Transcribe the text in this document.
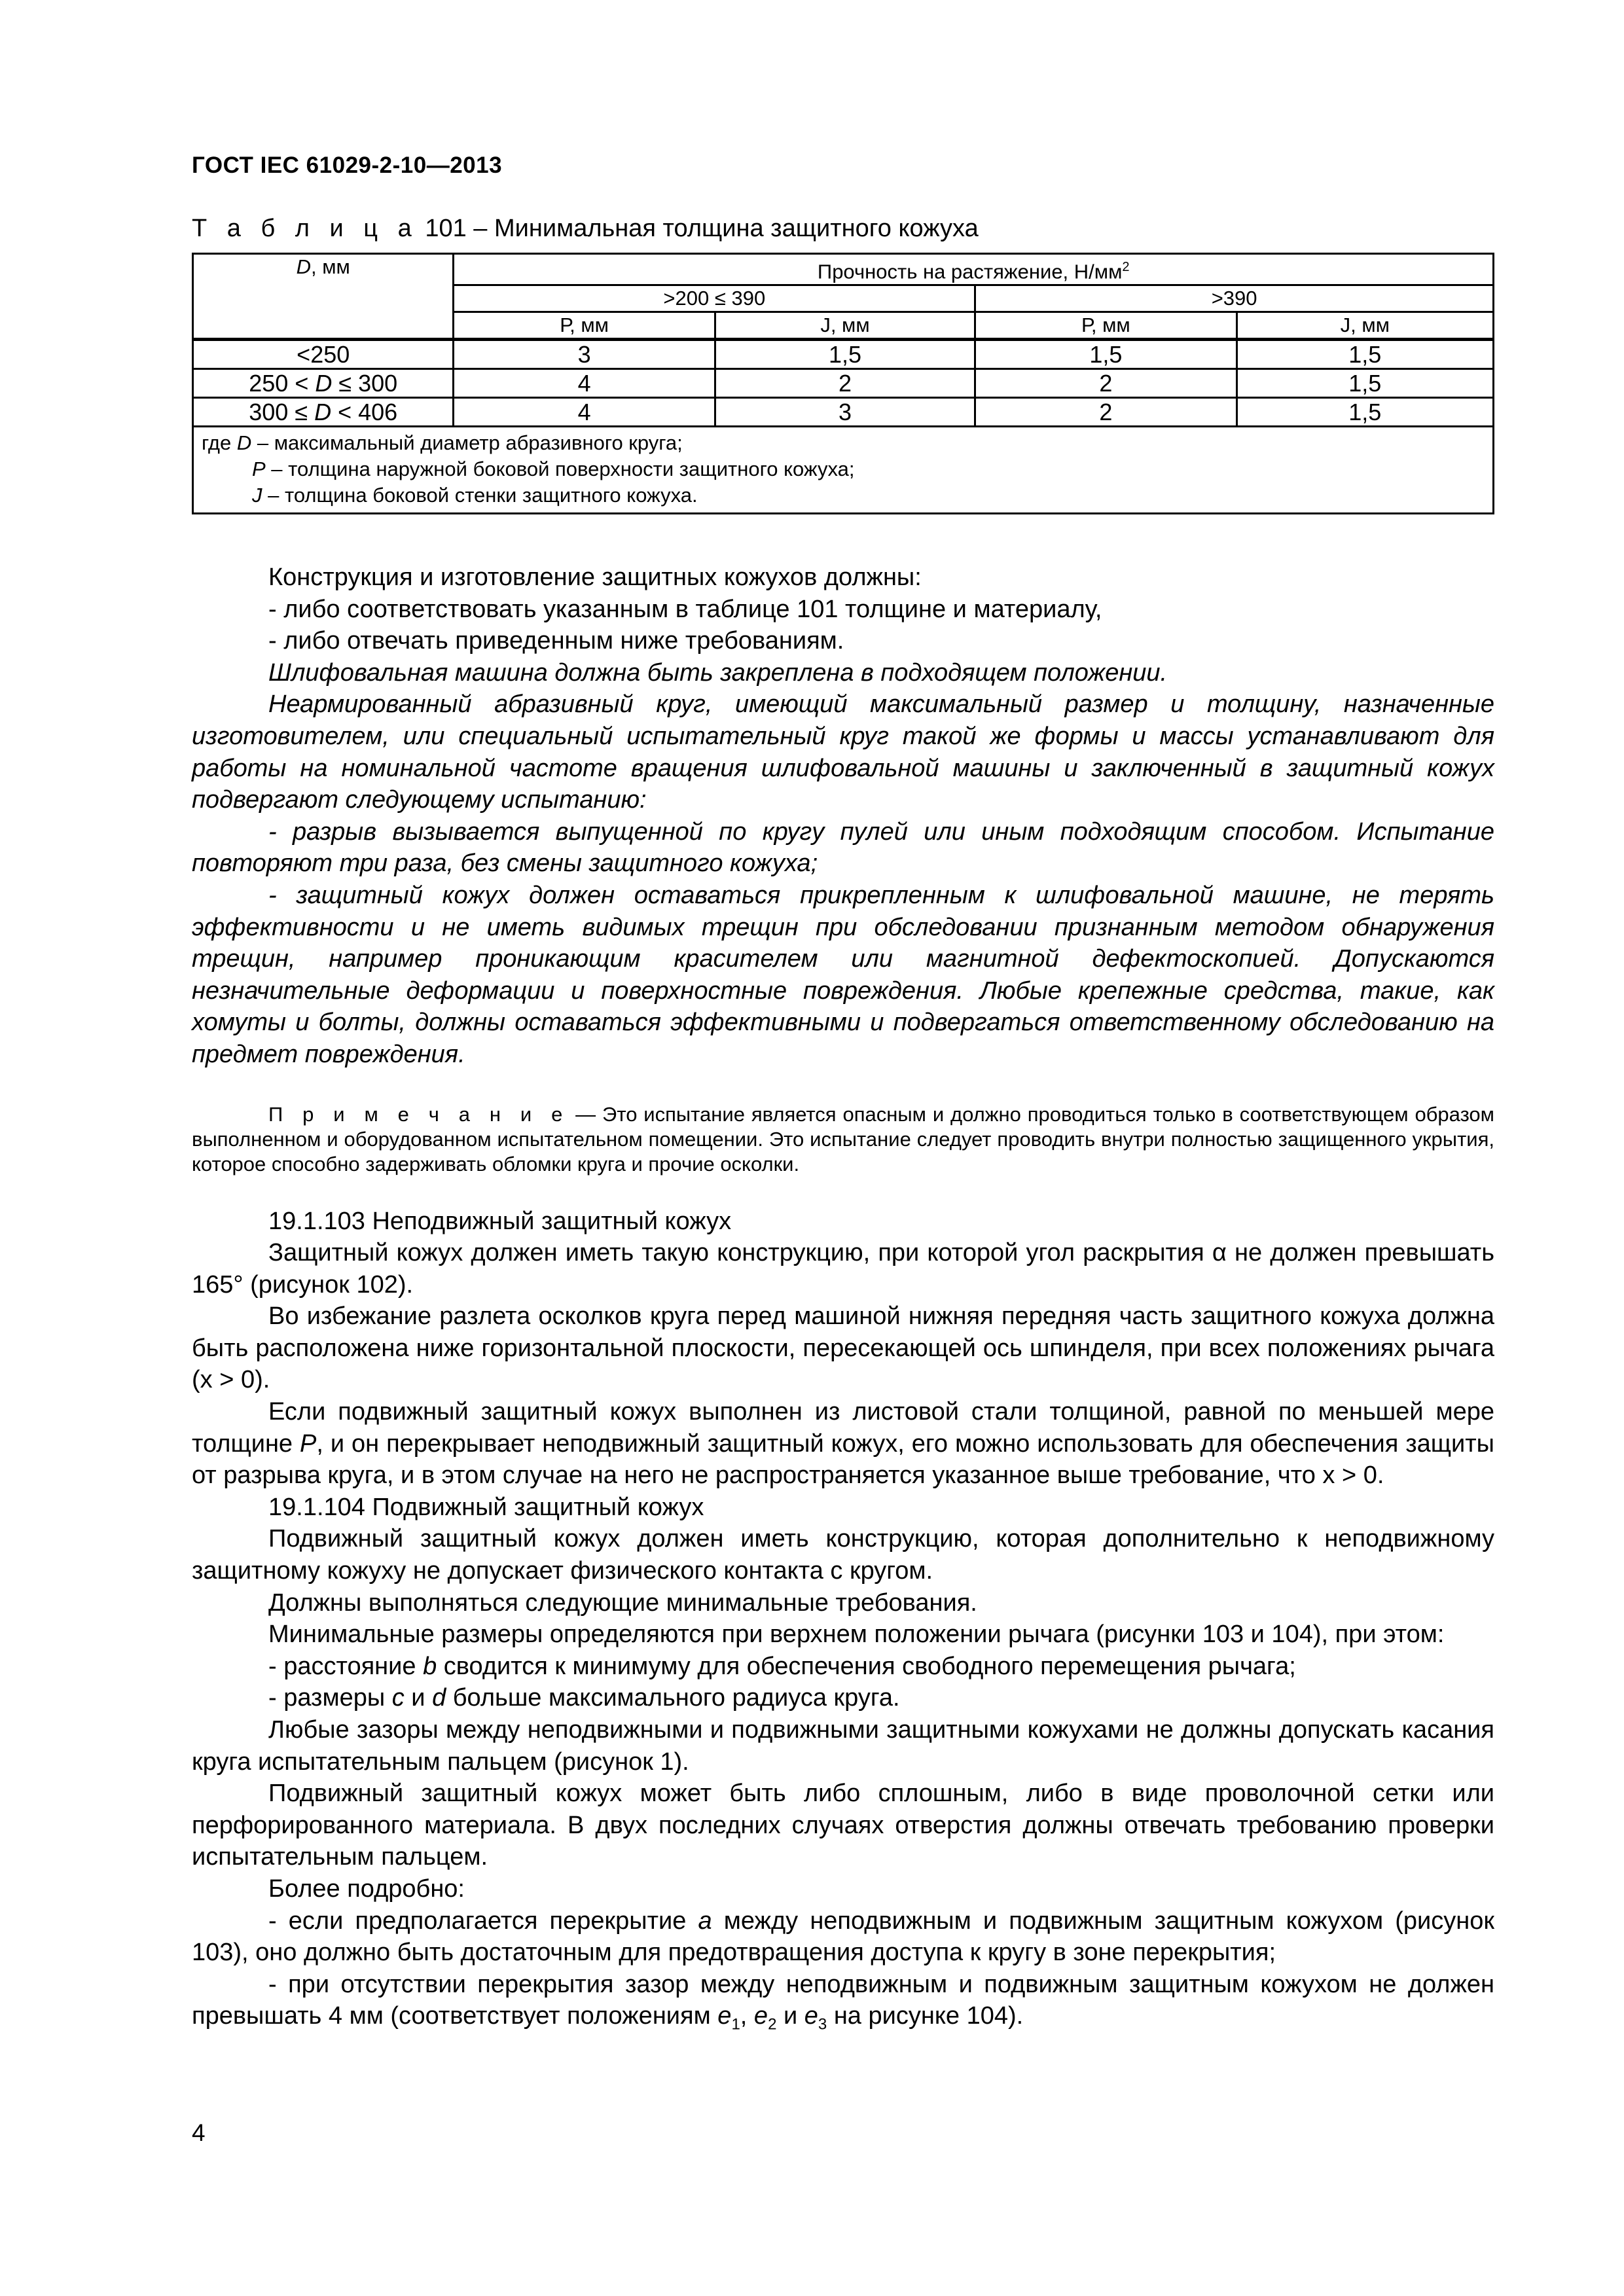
ГОСТ IEC 61029-2-10—2013
Т а б л и ц а 101 – Минимальная толщина защитного кожуха
D, мм	Прочность на растяжение, $Н/мм^2$
	>200 ≤ 390		>390	
	Р, мм	J, мм	Р, мм	J, мм
<250	3	1,5	1,5	1,5
250 < D ≤ 300	4	2	2	1,5
300 ≤ D < 406	4	3	2	1,5

где D – максимальный диаметр абразивного круга;
P – толщина наружной боковой поверхности защитного кожуха;
J – толщина боковой стенки защитного кожуха.				

Конструкция и изготовление защитных кожухов должны:

- либо соответствовать указанным в таблице 101 толщине и материалу,

- либо отвечать приведенным ниже требованиям.

Шлифовальная машина должна быть закреплена в подходящем положении.

Неармированный абразивный круг, имеющий максимальный размер и толщину, назначенные изготовителем, или специальный испытательный круг такой же формы и массы устанавливают для работы на номинальной частоте вращения шлифовальной машины и заключенный в защитный кожух подвергают следующему испытанию:

- разрыв вызывается выпущенной по кругу пулей или иным подходящим способом. Испытание повторяют три раза, без смены защитного кожуха;

- защитный кожух должен оставаться прикрепленным к шлифовальной машине, не терять эффективности и не иметь видимых трещин при обследовании признанным методом обнаружения трещин, например проникающим красителем или магнитной дефектоскопией. Допускаются незначительные деформации и поверхностные повреждения. Любые крепежные средства, такие, как хомуты и болты, должны оставаться эффективными и подвергаться ответственному обследованию на предмет повреждения.

П р и м е ч а н и е — Это испытание является опасным и должно проводиться только в соответствующем образом выполненном и оборудованном испытательном помещении. Это испытание следует проводить внутри полностью защищенного укрытия, которое способно задерживать обломки круга и прочие осколки.

19.1.103 Неподвижный защитный кожух

Защитный кожух должен иметь такую конструкцию, при которой угол раскрытия α не должен превышать 165° (рисунок 102).

Во избежание разлета осколков круга перед машиной нижняя передняя часть защитного кожуха должна быть расположена ниже горизонтальной плоскости, пересекающей ось шпинделя, при всех положениях рычага (х > 0).

Если подвижный защитный кожух выполнен из листовой стали толщиной, равной по меньшей мере толщине P, и он перекрывает неподвижный защитный кожух, его можно использовать для обеспечения защиты от разрыва круга, и в этом случае на него не распространяется указанное выше требование, что х > 0.

19.1.104 Подвижный защитный кожух

Подвижный защитный кожух должен иметь конструкцию, которая дополнительно к неподвижному защитному кожуху не допускает физического контакта с кругом.

Должны выполняться следующие минимальные требования.

Минимальные размеры определяются при верхнем положении рычага (рисунки 103 и 104), при этом:

- расстояние b сводится к минимуму для обеспечения свободного перемещения рычага;

- размеры c и d больше максимального радиуса круга.

Любые зазоры между неподвижными и подвижными защитными кожухами не должны допускать касания круга испытательным пальцем (рисунок 1).

Подвижный защитный кожух может быть либо сплошным, либо в виде проволочной сетки или перфорированного материала. В двух последних случаях отверстия должны отвечать требованию проверки испытательным пальцем.

Более подробно:

- если предполагается перекрытие a между неподвижным и подвижным защитным кожухом (рисунок 103), оно должно быть достаточным для предотвращения доступа к кругу в зоне перекрытия;

- при отсутствии перекрытия зазор между неподвижным и подвижным защитным кожухом не должен превышать 4 мм (соответствует положениям $e_1$, $e_2$ и $e_3$ на рисунке 104).

4
